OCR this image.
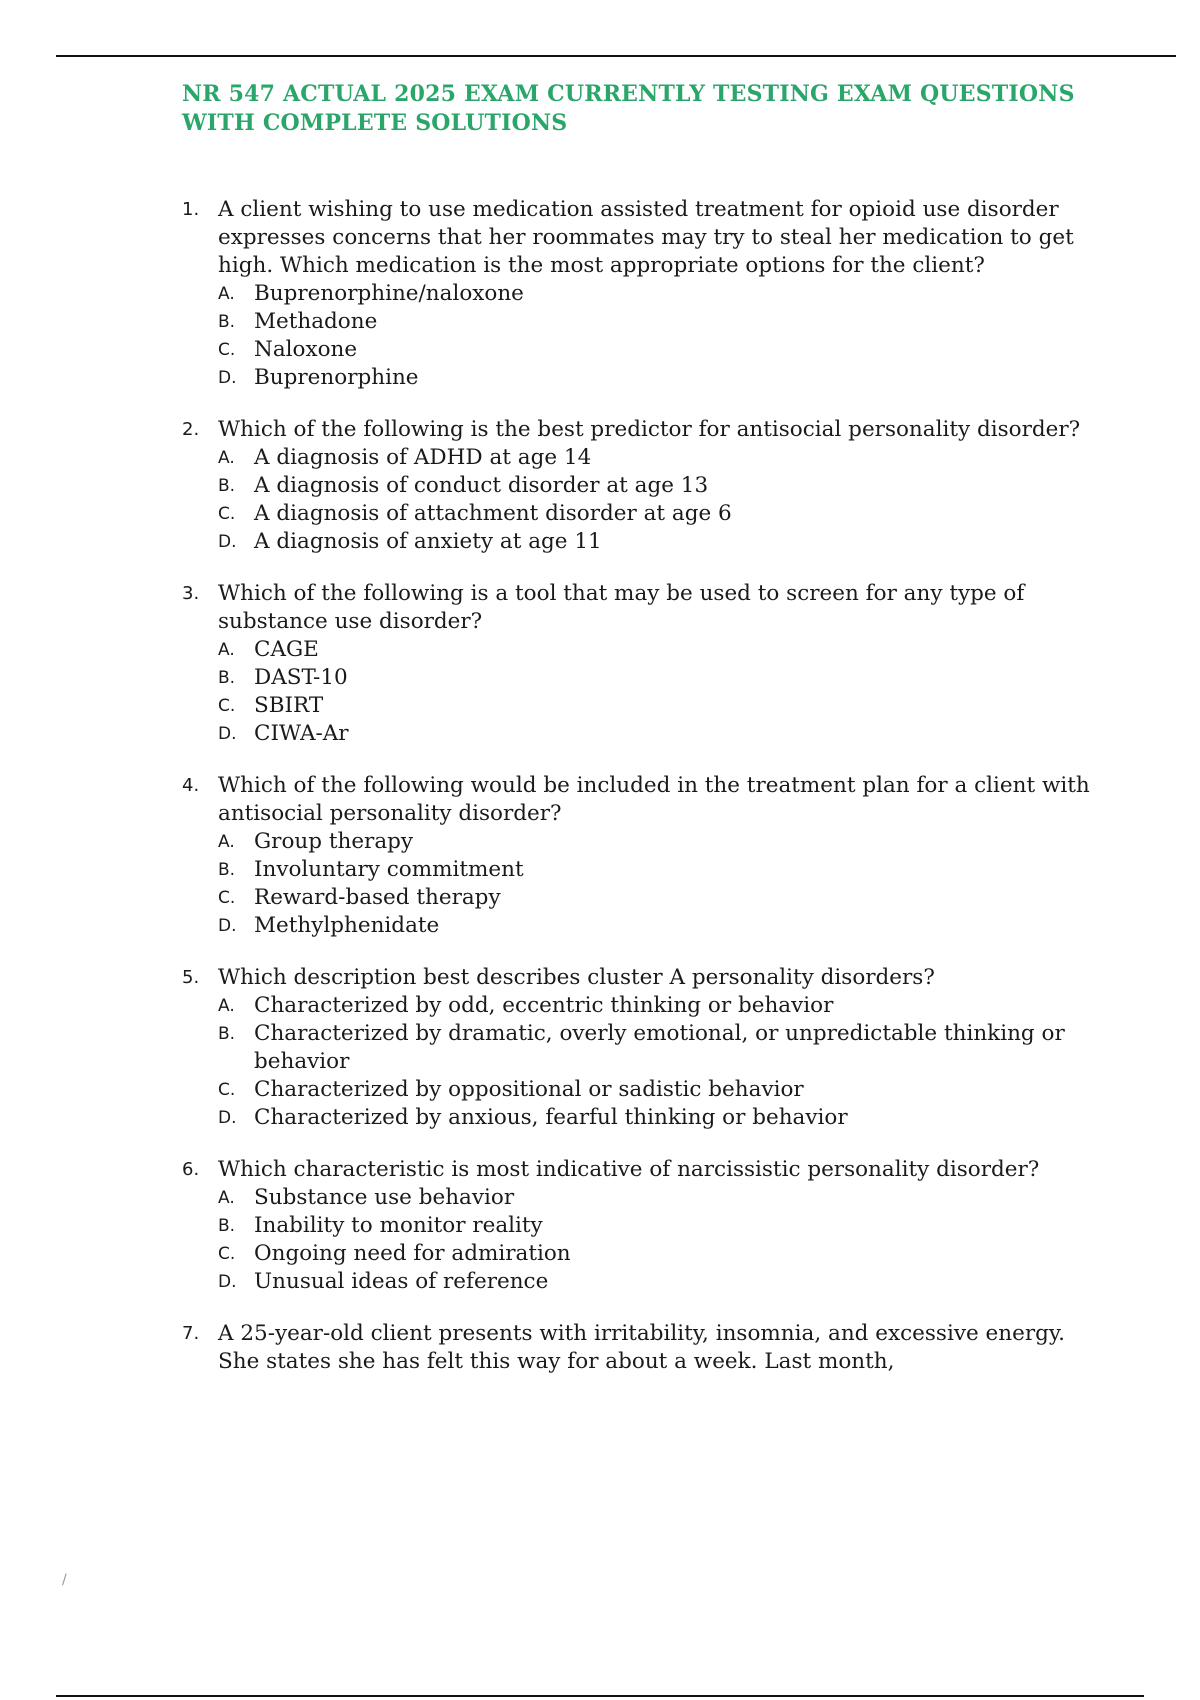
NR 547 ACTUAL 2025 EXAM CURRENTLY TESTING EXAM QUESTIONS WITH COMPLETE SOLUTIONS
1. A client wishing to use medication assisted treatment for opioid use disorder expresses concerns that her roommates may try to steal her medication to get high. Which medication is the most appropriate options for the client?
A. Buprenorphine/naloxone
B. Methadone
C. Naloxone
D. Buprenorphine
2. Which of the following is the best predictor for antisocial personality disorder?
A. A diagnosis of ADHD at age 14
B. A diagnosis of conduct disorder at age 13
C. A diagnosis of attachment disorder at age 6
D. A diagnosis of anxiety at age 11
3. Which of the following is a tool that may be used to screen for any type of substance use disorder?
A. CAGE
B. DAST-10
C. SBIRT
D. CIWA-Ar
4. Which of the following would be included in the treatment plan for a client with antisocial personality disorder?
A. Group therapy
B. Involuntary commitment
C. Reward-based therapy
D. Methylphenidate
5. Which description best describes cluster A personality disorders?
A. Characterized by odd, eccentric thinking or behavior
B. Characterized by dramatic, overly emotional, or unpredictable thinking or behavior
C. Characterized by oppositional or sadistic behavior
D. Characterized by anxious, fearful thinking or behavior
6. Which characteristic is most indicative of narcissistic personality disorder?
A. Substance use behavior
B. Inability to monitor reality
C. Ongoing need for admiration
D. Unusual ideas of reference
7. A 25-year-old client presents with irritability, insomnia, and excessive energy. She states she has felt this way for about a week. Last month,
/
